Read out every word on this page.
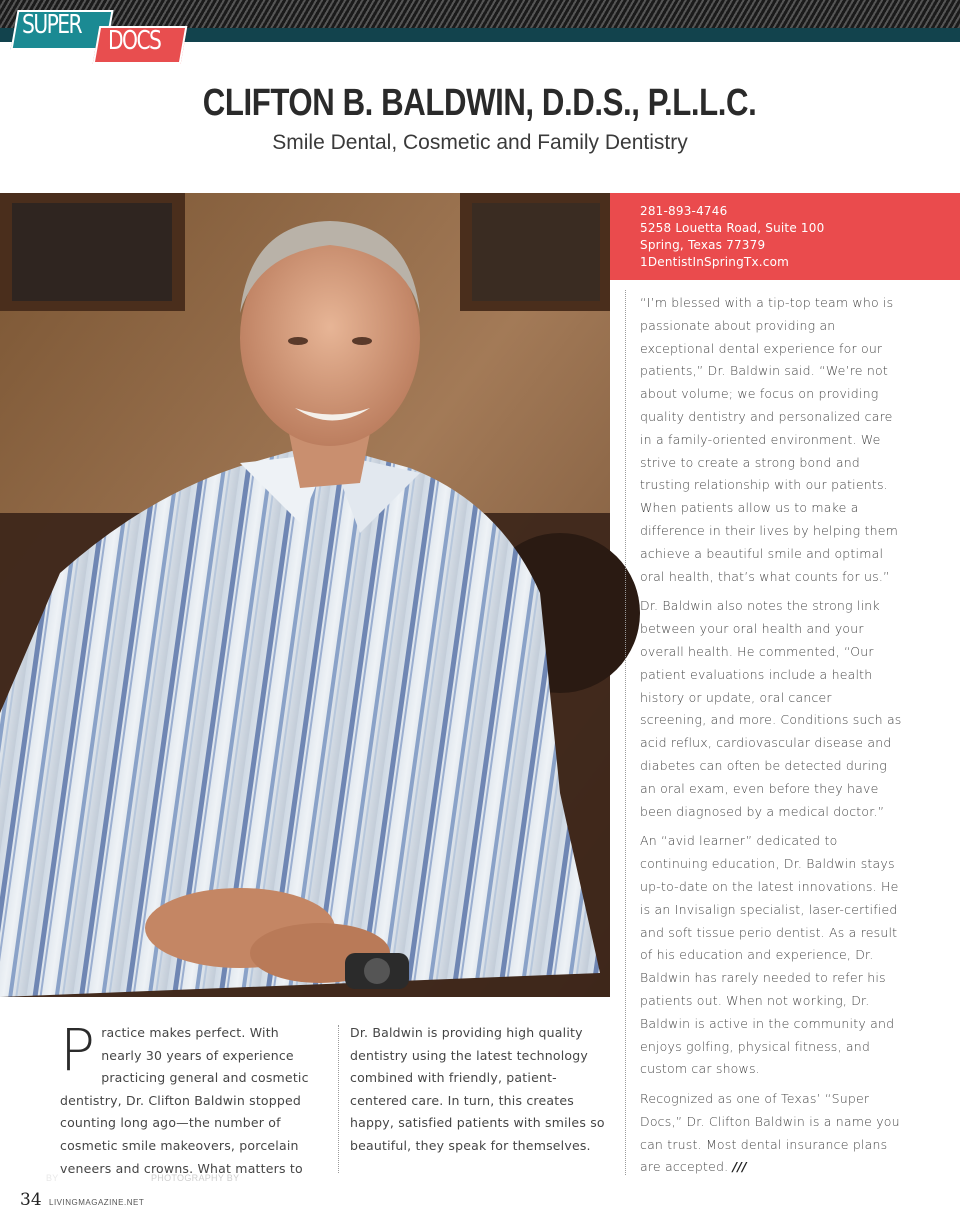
SUPER
DOCS
CLIFTON B. BALDWIN, D.D.S., P.L.L.C.
Smile Dental, Cosmetic and Family Dentistry
BY ANNA CHARLES PHOTOGRAPHY BY AMANDA WHITE
281-893-4746
5258 Louetta Road, Suite 100
Spring, Texas 77379
1DentistInSpringTx.com

“I’m blessed with a tip-top team who is passionate about providing an exceptional dental experience for our patients,” Dr. Baldwin said. “We’re not about volume; we focus on providing quality dentistry and personalized care in a family-oriented environment. We strive to create a strong bond and trusting relationship with our patients. When patients allow us to make a difference in their lives by helping them achieve a beautiful smile and optimal oral health, that’s what counts for us.”

Dr. Baldwin also notes the strong link between your oral health and your overall health. He commented, “Our patient evaluations include a health history or update, oral cancer screening, and more. Conditions such as acid reflux, cardiovascular disease and diabetes can often be detected during an oral exam, even before they have been diagnosed by a medical doctor.”

An “avid learner” dedicated to continuing education, Dr. Baldwin stays up-to-date on the latest innovations. He is an Invisalign specialist, laser-certified and soft tissue perio dentist. As a result of his education and experience, Dr. Baldwin has rarely needed to refer his patients out. When not working, Dr. Baldwin is active in the community and enjoys golfing, physical fitness, and custom car shows.

Recognized as one of Texas’ “Super Docs,” Dr. Clifton Baldwin is a name you can trust. Most dental insurance plans are accepted. ///

P ractice makes perfect. With nearly 30 years of experience practicing general and cosmetic dentistry, Dr. Clifton Baldwin stopped counting long ago—the number of cosmetic smile makeovers, porcelain veneers and crowns. What matters to

Dr. Baldwin is providing high quality dentistry using the latest technology combined with friendly, patient-centered care. In turn, this creates happy, satisfied patients with smiles so beautiful, they speak for themselves.

34 LIVINGMAGAZINE.NET
